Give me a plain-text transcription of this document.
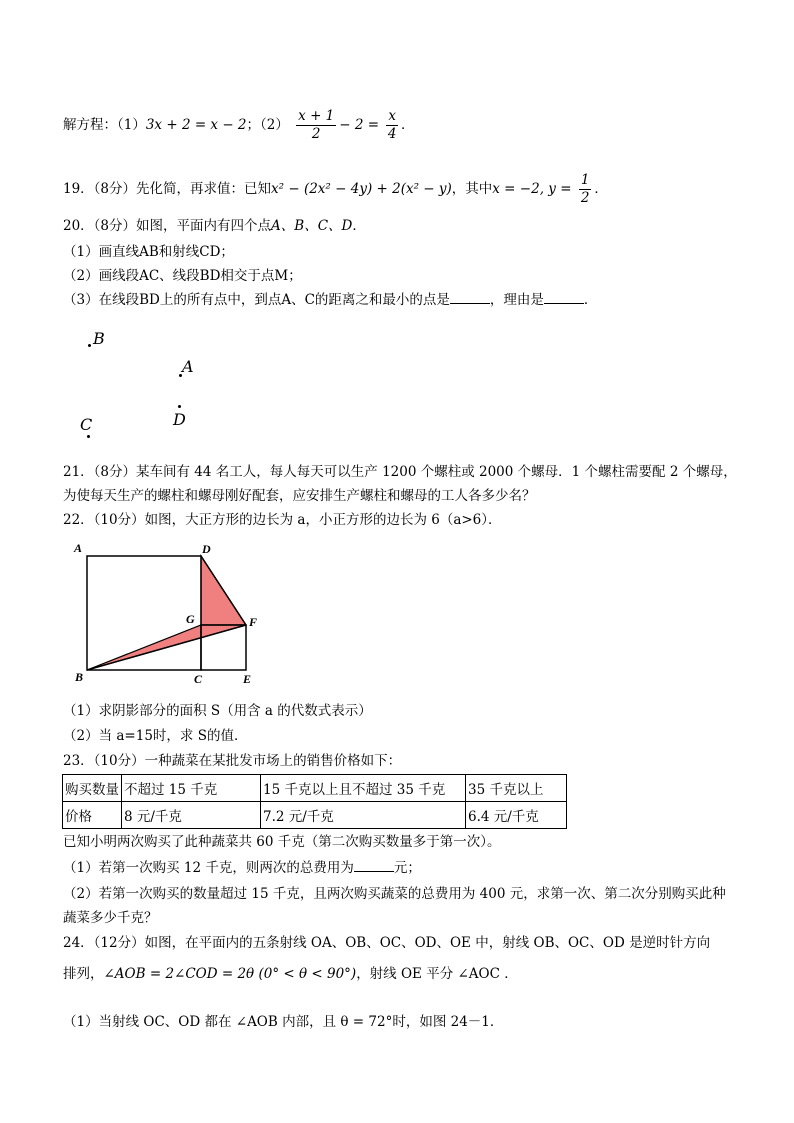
解方程：（1）3x + 2 = x − 2；$(2) \frac{x + 1}{2} - 2 = \frac{x}{4}$ ．
19．（8分）先化简，再求值：已知x² − (2x² − 4y) + 2(x² − y)，其中x = −2, $y = \frac{1}{2}$ ．
20．（8分）如图，平面内有四个点A、B、C、D．
（1）画直线AB和射线CD；
（2）画线段AC、线段BD相交于点M；
（3）在线段BD上的所有点中，到点A、C的距离之和最小的点是	，理由是	．
B
A
D
C
21．（8分）某车间有 44 名工人，每人每天可以生产 1200 个螺柱或 2000 个螺母．1 个螺柱需要配 2 个螺母，
为使每天生产的螺柱和螺母刚好配套，应安排生产螺柱和螺母的工人各多少名？
22．（10分）如图，大正方形的边长为 a，小正方形的边长为 6（a>6）．
A	D
G	F
B	C	E
（1）求阴影部分的面积 S（用含 a 的代数式表示）
（2）当 a=15时，求 S的值．
23．（10分）一种蔬菜在某批发市场上的销售价格如下：
购买数量	不超过 15 千克	15 千克以上且不超过 35 千克	35 千克以上
价格	8 元/千克	7.2 元/千克	6.4 元/千克
已知小明两次购买了此种蔬菜共 60 千克（第二次购买数量多于第一次）。
（1）若第一次购买 12 千克，则两次的总费用为	元；
（2）若第一次购买的数量超过 15 千克，且两次购买蔬菜的总费用为 400 元，求第一次、第二次分别购买此种
蔬菜多少千克？
24．（12分）如图，在平面内的五条射线 OA、OB、OC、OD、OE 中，射线 OB、OC、OD 是逆时针方向
排列，∠AOB = 2∠COD = 2θ (0° < θ < 90°)，射线 OE 平分 ∠AOC ．
（1）当射线 OC、OD 都在 ∠AOB 内部，且 θ = 72°时，如图 24－1．
